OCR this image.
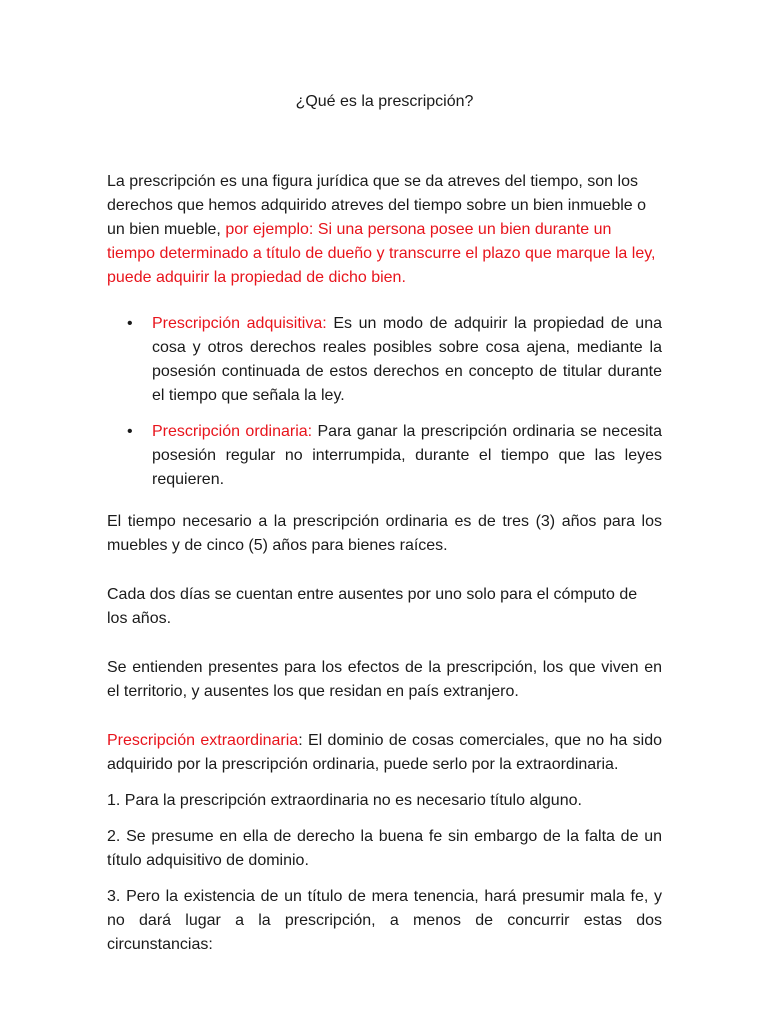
¿Qué es la prescripción?

La prescripción es una figura jurídica que se da atreves del tiempo, son los derechos que hemos adquirido atreves del tiempo sobre un bien inmueble o un bien mueble, por ejemplo: Si una persona posee un bien durante un tiempo determinado a título de dueño y transcurre el plazo que marque la ley, puede adquirir la propiedad de dicho bien.

• Prescripción adquisitiva: Es un modo de adquirir la propiedad de una cosa y otros derechos reales posibles sobre cosa ajena, mediante la posesión continuada de estos derechos en concepto de titular durante el tiempo que señala la ley.
• Prescripción ordinaria: Para ganar la prescripción ordinaria se necesita posesión regular no interrumpida, durante el tiempo que las leyes requieren.

El tiempo necesario a la prescripción ordinaria es de tres (3) años para los muebles y de cinco (5) años para bienes raíces.

Cada dos días se cuentan entre ausentes por uno solo para el cómputo de los años.

Se entienden presentes para los efectos de la prescripción, los que viven en el territorio, y ausentes los que residan en país extranjero.

Prescripción extraordinaria: El dominio de cosas comerciales, que no ha sido adquirido por la prescripción ordinaria, puede serlo por la extraordinaria.

1. Para la prescripción extraordinaria no es necesario título alguno.

2. Se presume en ella de derecho la buena fe sin embargo de la falta de un título adquisitivo de dominio.

3. Pero la existencia de un título de mera tenencia, hará presumir mala fe, y no dará lugar a la prescripción, a menos de concurrir estas dos circunstancias:
